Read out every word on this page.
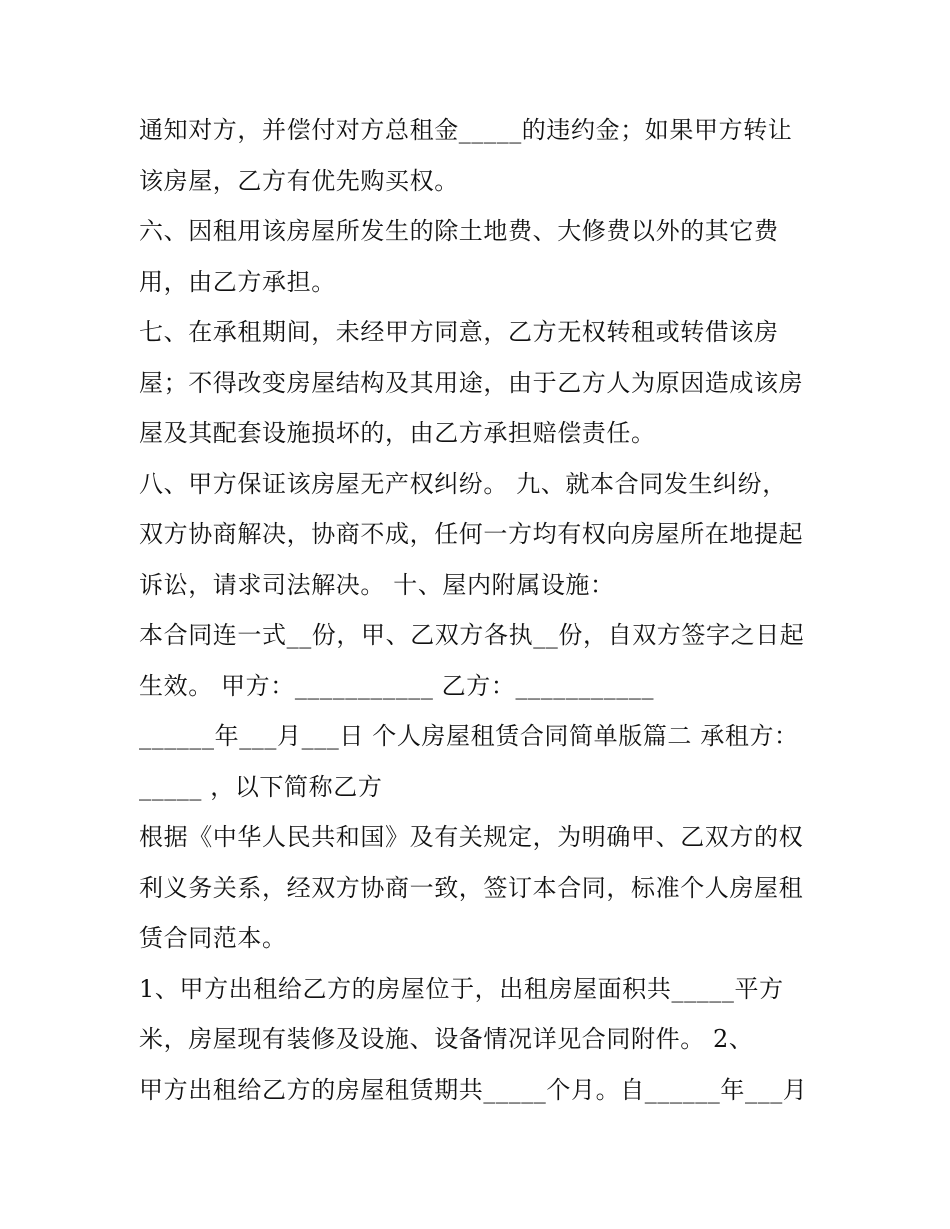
通知对方，并偿付对方总租金_____的违约金；如果甲方转让
该房屋，乙方有优先购买权。
六、因租用该房屋所发生的除土地费、大修费以外的其它费
用，由乙方承担。
七、在承租期间，未经甲方同意，乙方无权转租或转借该房
屋；不得改变房屋结构及其用途，由于乙方人为原因造成该房
屋及其配套设施损坏的，由乙方承担赔偿责任。
八、甲方保证该房屋无产权纠纷。 九、就本合同发生纠纷，
双方协商解决，协商不成，任何一方均有权向房屋所在地提起
诉讼，请求司法解决。 十、屋内附属设施：
本合同连一式__份，甲、乙双方各执__份，自双方签字之日起
生效。 甲方：___________ 乙方：___________
______年___月___日 个人房屋租赁合同简单版篇二 承租方：
_____ ，以下简称乙方
根据《中华人民共和国》及有关规定，为明确甲、乙双方的权
利义务关系，经双方协商一致，签订本合同，标准个人房屋租
赁合同范本。
1、甲方出租给乙方的房屋位于，出租房屋面积共_____平方
米，房屋现有装修及设施、设备情况详见合同附件。 2、
甲方出租给乙方的房屋租赁期共_____个月。自______年___月
